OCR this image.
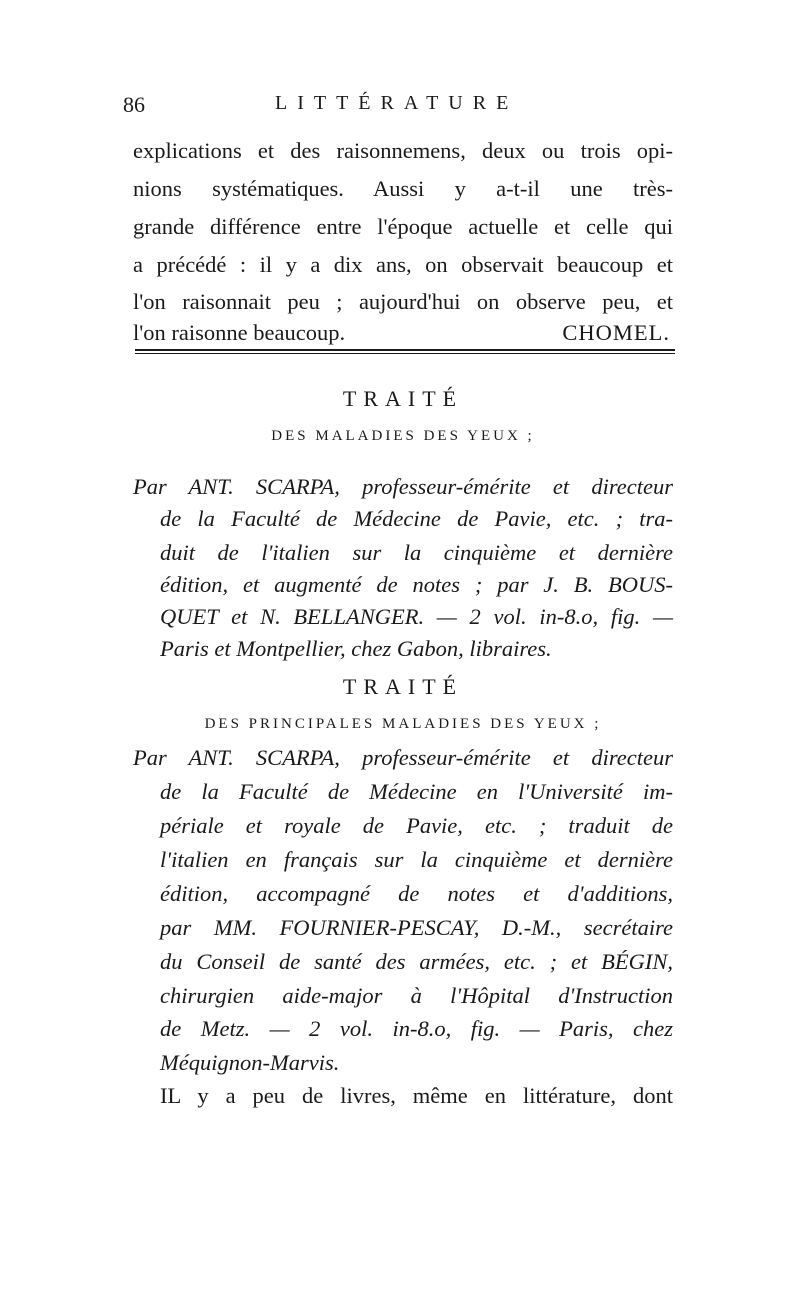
86	LITTÉRATURE
explications et des raisonnemens, deux ou trois opi-
nions systématiques. Aussi y a-t-il une très-
grande différence entre l'époque actuelle et celle qui
a précédé : il y a dix ans, on observait beaucoup et
l'on raisonnait peu ; aujourd'hui on observe peu, et
l'on raisonne beaucoup.	CHOMEL.
TRAITÉ
DES MALADIES DES YEUX ;
Par ANT. SCARPA, professeur-émérite et directeur
de la Faculté de Médecine de Pavie, etc. ; tra-
duit de l'italien sur la cinquième et dernière
édition, et augmenté de notes ; par J. B. BOUS-
QUET et N. BELLANGER. — 2 vol. in-8.o, fig. —
Paris et Montpellier, chez Gabon, libraires.
TRAITÉ
DES PRINCIPALES MALADIES DES YEUX ;
Par ANT. SCARPA, professeur-émérite et directeur
de la Faculté de Médecine en l'Université im-
périale et royale de Pavie, etc. ; traduit de
l'italien en français sur la cinquième et dernière
édition, accompagné de notes et d'additions,
par MM. FOURNIER-PESCAY, D.-M., secrétaire
du Conseil de santé des armées, etc. ; et BÉGIN,
chirurgien aide-major à l'Hôpital d'Instruction
de Metz. — 2 vol. in-8.o, fig. — Paris, chez
Méquignon-Marvis.
IL y a peu de livres, même en littérature, dont
